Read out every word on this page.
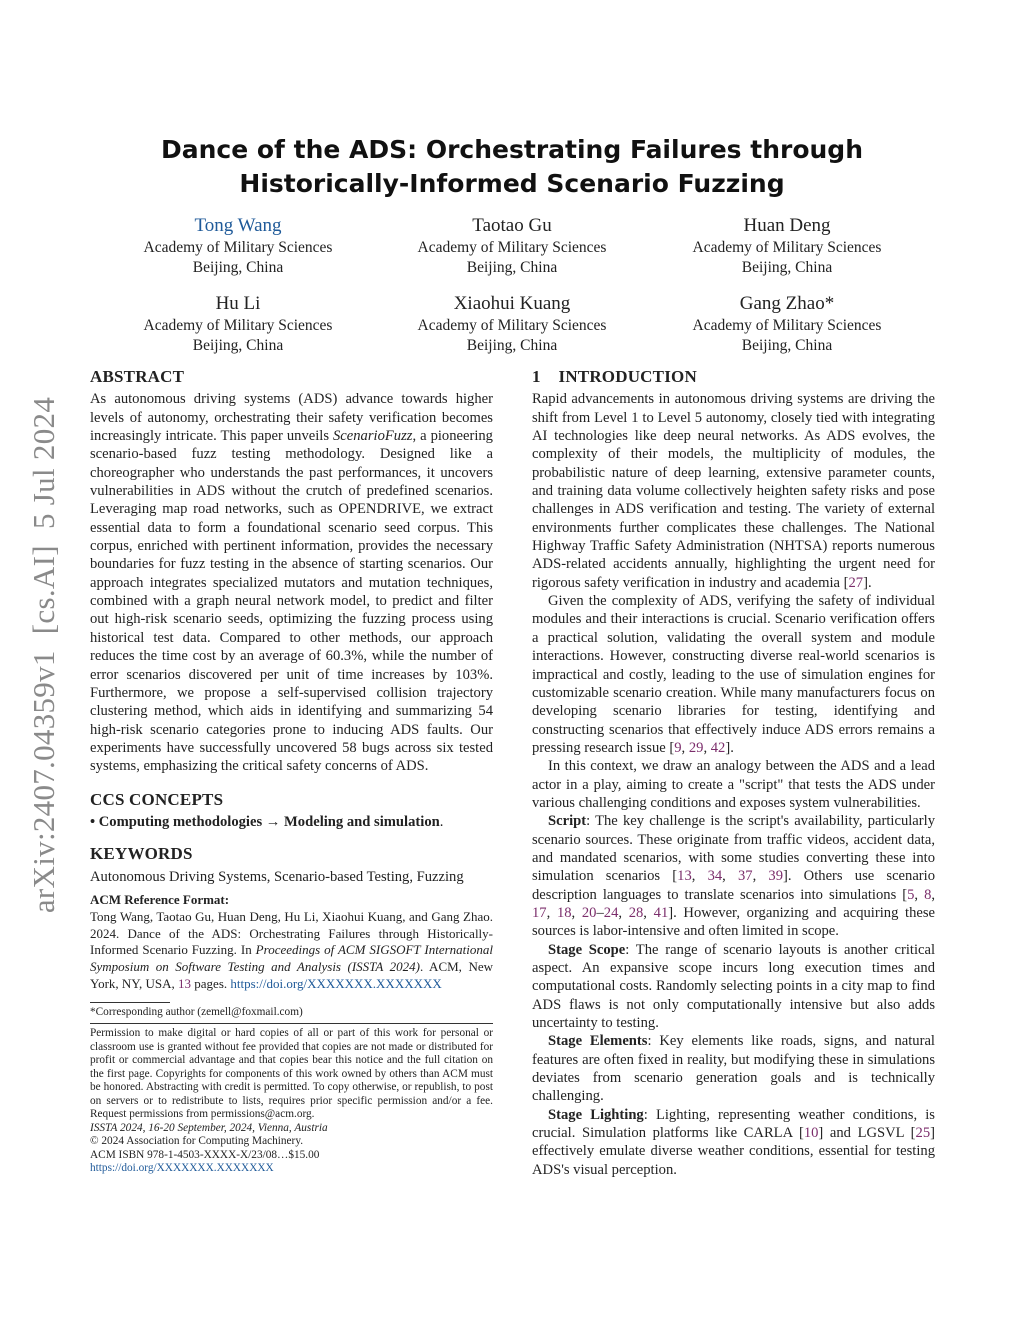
arXiv:2407.04359v1  [cs.AI]  5 Jul 2024
Dance of the ADS: Orchestrating Failures through
Historically-Informed Scenario Fuzzing
Tong Wang
Academy of Military Sciences
Beijing, China
Taotao Gu
Academy of Military Sciences
Beijing, China
Huan Deng
Academy of Military Sciences
Beijing, China
Hu Li
Academy of Military Sciences
Beijing, China
Xiaohui Kuang
Academy of Military Sciences
Beijing, China
Gang Zhao*
Academy of Military Sciences
Beijing, China
ABSTRACT

As autonomous driving systems (ADS) advance towards higher levels of autonomy, orchestrating their safety verification becomes increasingly intricate. This paper unveils ScenarioFuzz, a pioneering scenario-based fuzz testing methodology. Designed like a choreographer who understands the past performances, it uncovers vulnerabilities in ADS without the crutch of predefined scenarios. Leveraging map road networks, such as OPENDRIVE, we extract essential data to form a foundational scenario seed corpus. This corpus, enriched with pertinent information, provides the necessary boundaries for fuzz testing in the absence of starting scenarios. Our approach integrates specialized mutators and mutation techniques, combined with a graph neural network model, to predict and filter out high-risk scenario seeds, optimizing the fuzzing process using historical test data. Compared to other methods, our approach reduces the time cost by an average of 60.3%, while the number of error scenarios discovered per unit of time increases by 103%. Furthermore, we propose a self-supervised collision trajectory clustering method, which aids in identifying and summarizing 54 high-risk scenario categories prone to inducing ADS faults. Our experiments have successfully uncovered 58 bugs across six tested systems, emphasizing the critical safety concerns of ADS.

CCS CONCEPTS

• Computing methodologies → Modeling and simulation.

KEYWORDS

Autonomous Driving Systems, Scenario-based Testing, Fuzzing

ACM Reference Format:

Tong Wang, Taotao Gu, Huan Deng, Hu Li, Xiaohui Kuang, and Gang Zhao. 2024. Dance of the ADS: Orchestrating Failures through Historically-Informed Scenario Fuzzing. In Proceedings of ACM SIGSOFT International Symposium on Software Testing and Analysis (ISSTA 2024). ACM, New York, NY, USA, 13 pages. https://doi.org/XXXXXXX.XXXXXXX

*Corresponding author (zemell@foxmail.com)

Permission to make digital or hard copies of all or part of this work for personal or classroom use is granted without fee provided that copies are not made or distributed for profit or commercial advantage and that copies bear this notice and the full citation on the first page. Copyrights for components of this work owned by others than ACM must be honored. Abstracting with credit is permitted. To copy otherwise, or republish, to post on servers or to redistribute to lists, requires prior specific permission and/or a fee. Request permissions from permissions@acm.org.

ISSTA 2024, 16-20 September, 2024, Vienna, Austria

© 2024 Association for Computing Machinery.

ACM ISBN 978-1-4503-XXXX-X/23/08…$15.00

https://doi.org/XXXXXXX.XXXXXXX

1    INTRODUCTION

Rapid advancements in autonomous driving systems are driving the shift from Level 1 to Level 5 autonomy, closely tied with integrating AI technologies like deep neural networks. As ADS evolves, the complexity of their models, the multiplicity of modules, the probabilistic nature of deep learning, extensive parameter counts, and training data volume collectively heighten safety risks and pose challenges in ADS verification and testing. The variety of external environments further complicates these challenges. The National Highway Traffic Safety Administration (NHTSA) reports numerous ADS-related accidents annually, highlighting the urgent need for rigorous safety verification in industry and academia [27].

Given the complexity of ADS, verifying the safety of individual modules and their interactions is crucial. Scenario verification offers a practical solution, validating the overall system and module interactions. However, constructing diverse real-world scenarios is impractical and costly, leading to the use of simulation engines for customizable scenario creation. While many manufacturers focus on developing scenario libraries for testing, identifying and constructing scenarios that effectively induce ADS errors remains a pressing research issue [9, 29, 42].

In this context, we draw an analogy between the ADS and a lead actor in a play, aiming to create a "script" that tests the ADS under various challenging conditions and exposes system vulnerabilities.

Script: The key challenge is the script's availability, particularly scenario sources. These originate from traffic videos, accident data, and mandated scenarios, with some studies converting these into simulation scenarios [13, 34, 37, 39]. Others use scenario description languages to translate scenarios into simulations [5, 8, 17, 18, 20–24, 28, 41]. However, organizing and acquiring these sources is labor-intensive and often limited in scope.

Stage Scope: The range of scenario layouts is another critical aspect. An expansive scope incurs long execution times and computational costs. Randomly selecting points in a city map to find ADS flaws is not only computationally intensive but also adds uncertainty to testing.

Stage Elements: Key elements like roads, signs, and natural features are often fixed in reality, but modifying these in simulations deviates from scenario generation goals and is technically challenging.

Stage Lighting: Lighting, representing weather conditions, is crucial. Simulation platforms like CARLA [10] and LGSVL [25] effectively emulate diverse weather conditions, essential for testing ADS's visual perception.
